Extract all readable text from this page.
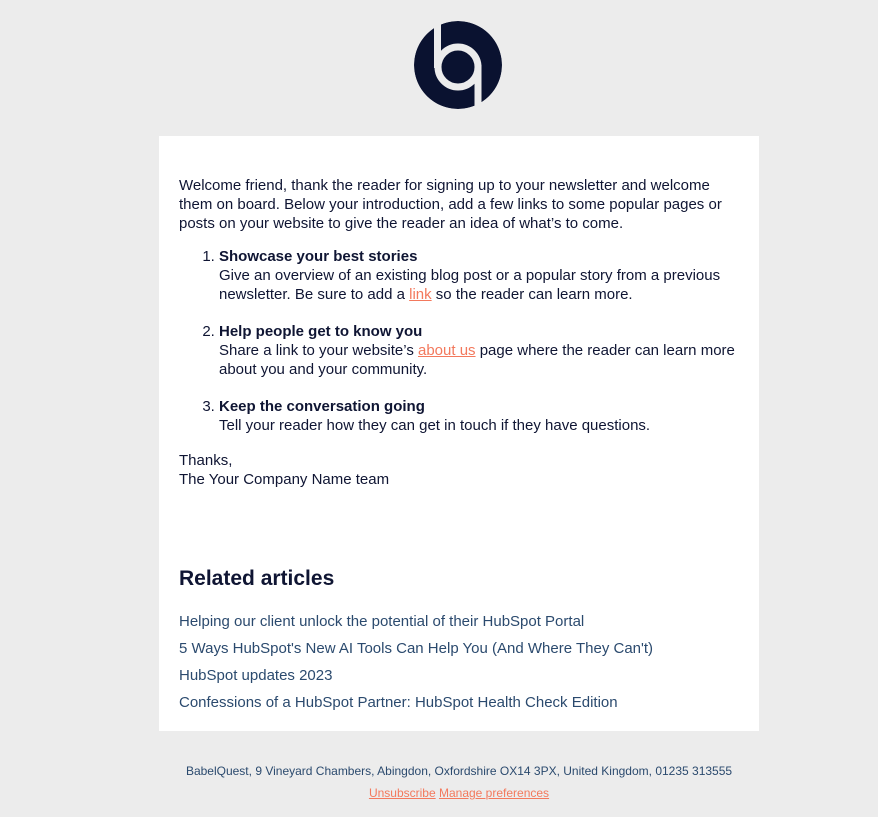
Welcome friend, thank the reader for signing up to your newsletter and welcome them on board. Below your introduction, add a few links to some popular pages or posts on your website to give the reader an idea of what’s to come.

1. Showcase your best stories
Give an overview of an existing blog post or a popular story from a previous newsletter. Be sure to add a link so the reader can learn more.
2. Help people get to know you
Share a link to your website’s about us page where the reader can learn more about you and your community.
3. Keep the conversation going
Tell your reader how they can get in touch if they have questions.

Thanks,
The Your Company Name team

Related articles
Helping our client unlock the potential of their HubSpot Portal
5 Ways HubSpot's New AI Tools Can Help You (And Where They Can't)
HubSpot updates 2023
Confessions of a HubSpot Partner: HubSpot Health Check Edition
BabelQuest, 9 Vineyard Chambers, Abingdon, Oxfordshire OX14 3PX, United Kingdom, 01235 313555
Unsubscribe Manage preferences
